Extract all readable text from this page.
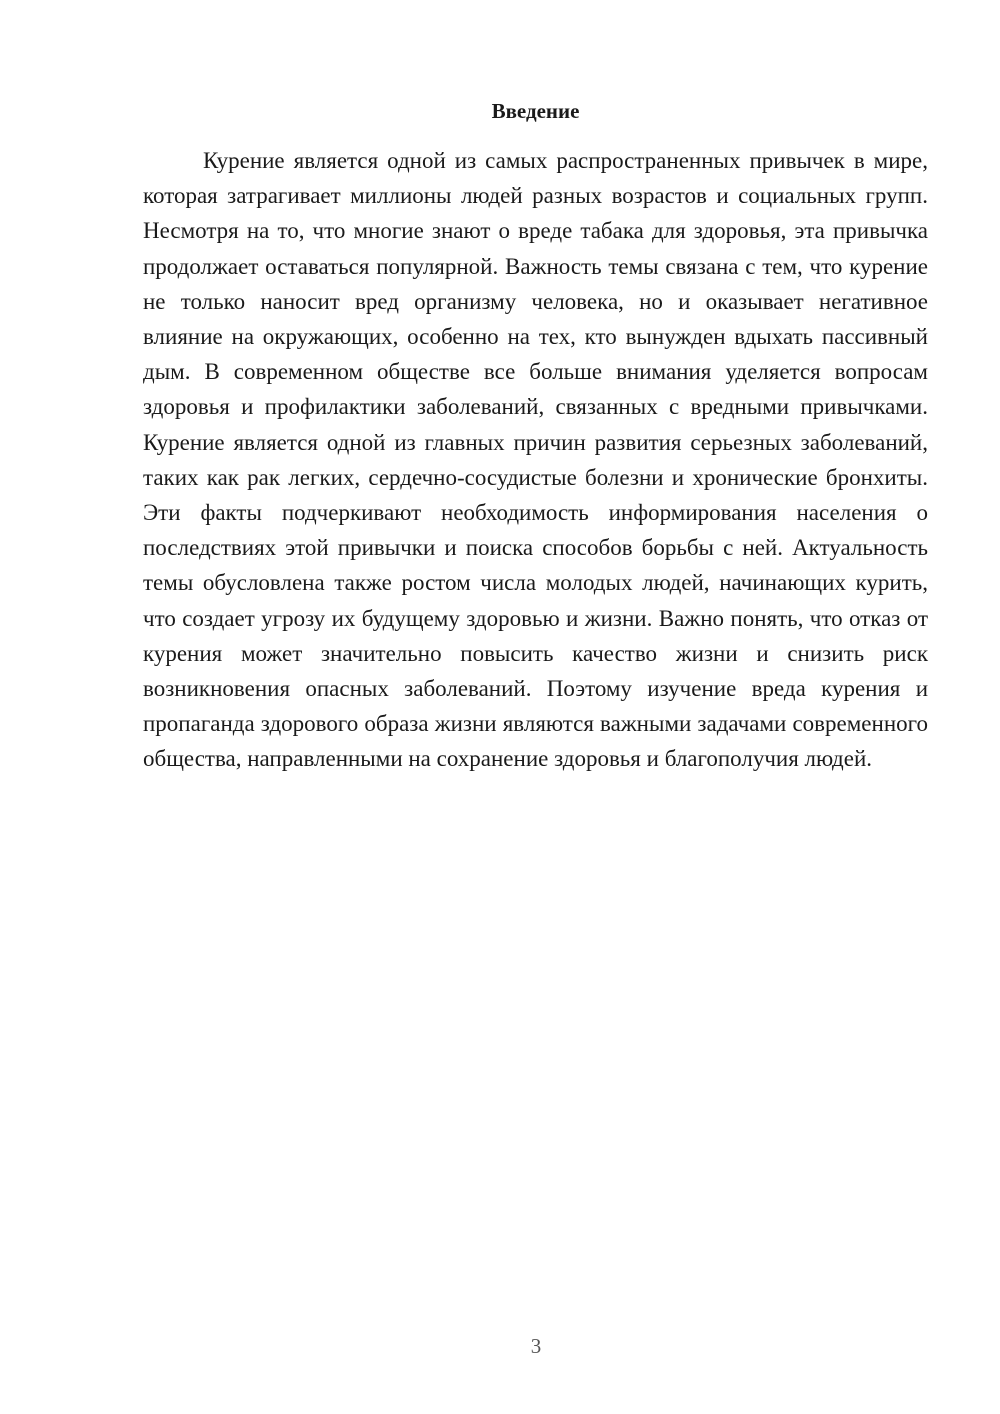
Введение

Курение является одной из самых распространенных привычек в мире, которая затрагивает миллионы людей разных возрастов и социальных групп. Несмотря на то, что многие знают о вреде табака для здоровья, эта привычка продолжает оставаться популярной. Важность темы связана с тем, что курение не только наносит вред организму человека, но и оказывает негативное влияние на окружающих, особенно на тех, кто вынужден вдыхать пассивный дым. В современном обществе все больше внимания уделяется вопросам здоровья и профилактики заболеваний, связанных с вредными привычками. Курение является одной из главных причин развития серьезных заболеваний, таких как рак легких, сердечно-сосудистые болезни и хронические бронхиты. Эти факты подчеркивают необходимость информирования населения о последствиях этой привычки и поиска способов борьбы с ней. Актуальность темы обусловлена также ростом числа молодых людей, начинающих курить, что создает угрозу их будущему здоровью и жизни. Важно понять, что отказ от курения может значительно повысить качество жизни и снизить риск возникновения опасных заболеваний. Поэтому изучение вреда курения и пропаганда здорового образа жизни являются важными задачами современного общества, направленными на сохранение здоровья и благополучия людей.

3
